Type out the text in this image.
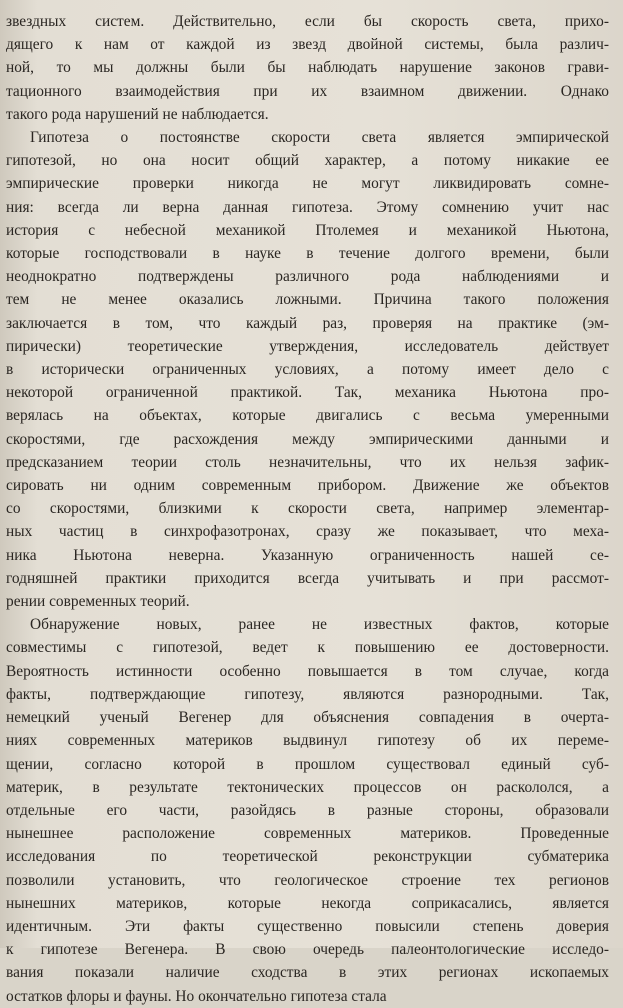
звездных систем. Действительно, если бы скорость света, прихо-
дящего к нам от каждой из звезд двойной системы, была различ-
ной, то мы должны были бы наблюдать нарушение законов грави-
тационного взаимодействия при их взаимном движении. Однако
такого рода нарушений не наблюдается.

Гипотеза о постоянстве скорости света является эмпирической
гипотезой, но она носит общий характер, а потому никакие ее
эмпирические проверки никогда не могут ликвидировать сомне-
ния: всегда ли верна данная гипотеза. Этому сомнению учит нас
история с небесной механикой Птолемея и механикой Ньютона,
которые господствовали в науке в течение долгого времени, были
неоднократно подтверждены различного рода наблюдениями и
тем не менее оказались ложными. Причина такого положения
заключается в том, что каждый раз, проверяя на практике (эм-
пирически) теоретические утверждения, исследователь действует
в исторически ограниченных условиях, а потому имеет дело с
некоторой ограниченной практикой. Так, механика Ньютона про-
верялась на объектах, которые двигались с весьма умеренными
скоростями, где расхождения между эмпирическими данными и
предсказанием теории столь незначительны, что их нельзя зафик-
сировать ни одним современным прибором. Движение же объектов
со скоростями, близкими к скорости света, например элементар-
ных частиц в синхрофазотронах, сразу же показывает, что меха-
ника Ньютона неверна. Указанную ограниченность нашей се-
годняшней практики приходится всегда учитывать и при рассмот-
рении современных теорий.

Обнаружение новых, ранее не известных фактов, которые
совместимы с гипотезой, ведет к повышению ее достоверности.
Вероятность истинности особенно повышается в том случае, когда
факты, подтверждающие гипотезу, являются разнородными. Так,
немецкий ученый Вегенер для объяснения совпадения в очерта-
ниях современных материков выдвинул гипотезу об их переме-
щении, согласно которой в прошлом существовал единый суб-
материк, в результате тектонических процессов он раскололся, а
отдельные его части, разойдясь в разные стороны, образовали
нынешнее расположение современных материков. Проведенные
исследования по теоретической реконструкции субматерика
позволили установить, что геологическое строение тех регионов
нынешних материков, которые некогда соприкасались, является
идентичным. Эти факты существенно повысили степень доверия
к гипотезе Вегенера. В свою очередь палеонтологические исследо-
вания показали наличие сходства в этих регионах ископаемых
остатков флоры и фауны. Но окончательно гипотеза стала
